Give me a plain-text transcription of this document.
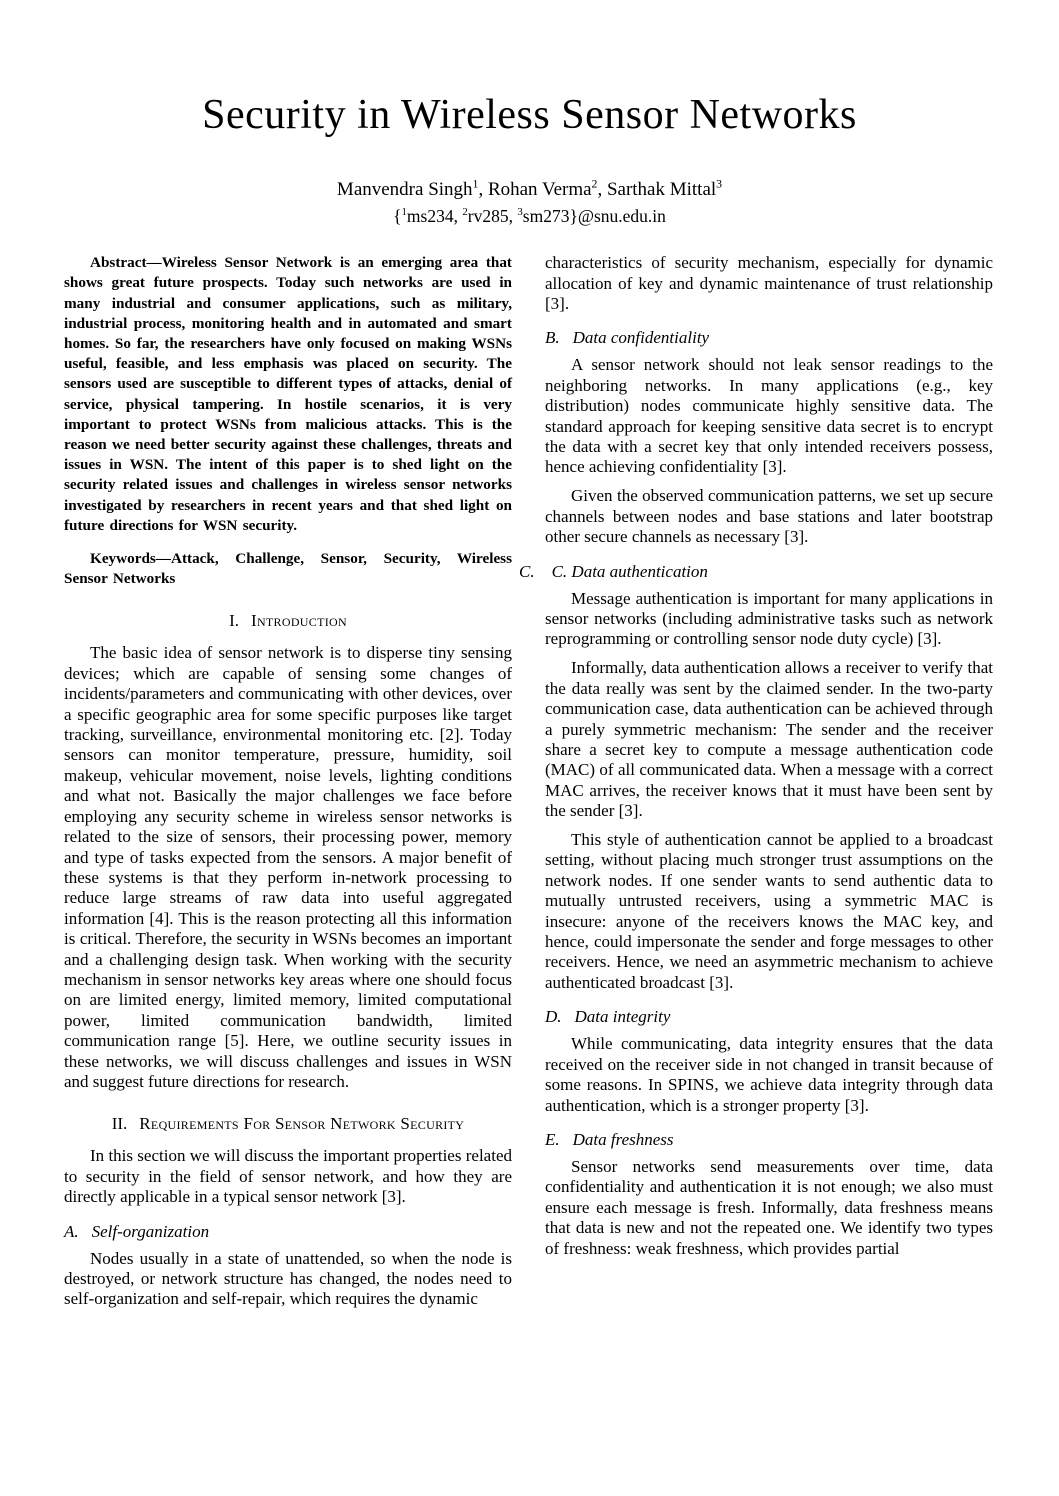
Security in Wireless Sensor Networks
Manvendra Singh$^1$, Rohan Verma$^2$, Sarthak Mittal$^3$
{$^1$ms234, $^2$rv285, $^3$sm273}@snu.edu.in

Abstract—Wireless Sensor Network is an emerging area that shows great future prospects. Today such networks are used in many industrial and consumer applications, such as military, industrial process, monitoring health and in automated and smart homes. So far, the researchers have only focused on making WSNs useful, feasible, and less emphasis was placed on security. The sensors used are susceptible to different types of attacks, denial of service, physical tampering. In hostile scenarios, it is very important to protect WSNs from malicious attacks. This is the reason we need better security against these challenges, threats and issues in WSN. The intent of this paper is to shed light on the security related issues and challenges in wireless sensor networks investigated by researchers in recent years and that shed light on future directions for WSN security.

Keywords—Attack, Challenge, Sensor, Security, Wireless Sensor Networks

I. Introduction

The basic idea of sensor network is to disperse tiny sensing devices; which are capable of sensing some changes of incidents/parameters and communicating with other devices, over a specific geographic area for some specific purposes like target tracking, surveillance, environmental monitoring etc. [2]. Today sensors can monitor temperature, pressure, humidity, soil makeup, vehicular movement, noise levels, lighting conditions and what not. Basically the major challenges we face before employing any security scheme in wireless sensor networks is related to the size of sensors, their processing power, memory and type of tasks expected from the sensors. A major benefit of these systems is that they perform in-network processing to reduce large streams of raw data into useful aggregated information [4]. This is the reason protecting all this information is critical. Therefore, the security in WSNs becomes an important and a challenging design task. When working with the security mechanism in sensor networks key areas where one should focus on are limited energy, limited memory, limited computational power, limited communication bandwidth, limited communication range [5]. Here, we outline security issues in these networks, we will discuss challenges and issues in WSN and suggest future directions for research.

II. Requirements For Sensor Network Security

In this section we will discuss the important properties related to security in the field of sensor network, and how they are directly applicable in a typical sensor network [3].

A. Self-organization

Nodes usually in a state of unattended, so when the node is destroyed, or network structure has changed, the nodes need to self-organization and self-repair, which requires the dynamic

characteristics of security mechanism, especially for dynamic allocation of key and dynamic maintenance of trust relationship [3].

B. Data confidentiality

A sensor network should not leak sensor readings to the neighboring networks. In many applications (e.g., key distribution) nodes communicate highly sensitive data. The standard approach for keeping sensitive data secret is to encrypt the data with a secret key that only intended receivers possess, hence achieving confidentiality [3].

Given the observed communication patterns, we set up secure channels between nodes and base stations and later bootstrap other secure channels as necessary [3].

C. C. Data authentication

Message authentication is important for many applications in sensor networks (including administrative tasks such as network reprogramming or controlling sensor node duty cycle) [3].

Informally, data authentication allows a receiver to verify that the data really was sent by the claimed sender. In the two-party communication case, data authentication can be achieved through a purely symmetric mechanism: The sender and the receiver share a secret key to compute a message authentication code (MAC) of all communicated data. When a message with a correct MAC arrives, the receiver knows that it must have been sent by the sender [3].

This style of authentication cannot be applied to a broadcast setting, without placing much stronger trust assumptions on the network nodes. If one sender wants to send authentic data to mutually untrusted receivers, using a symmetric MAC is insecure: anyone of the receivers knows the MAC key, and hence, could impersonate the sender and forge messages to other receivers. Hence, we need an asymmetric mechanism to achieve authenticated broadcast [3].

D. Data integrity

While communicating, data integrity ensures that the data received on the receiver side in not changed in transit because of some reasons. In SPINS, we achieve data integrity through data authentication, which is a stronger property [3].

E. Data freshness

Sensor networks send measurements over time, data confidentiality and authentication it is not enough; we also must ensure each message is fresh. Informally, data freshness means that data is new and not the repeated one. We identify two types of freshness: weak freshness, which provides partial
